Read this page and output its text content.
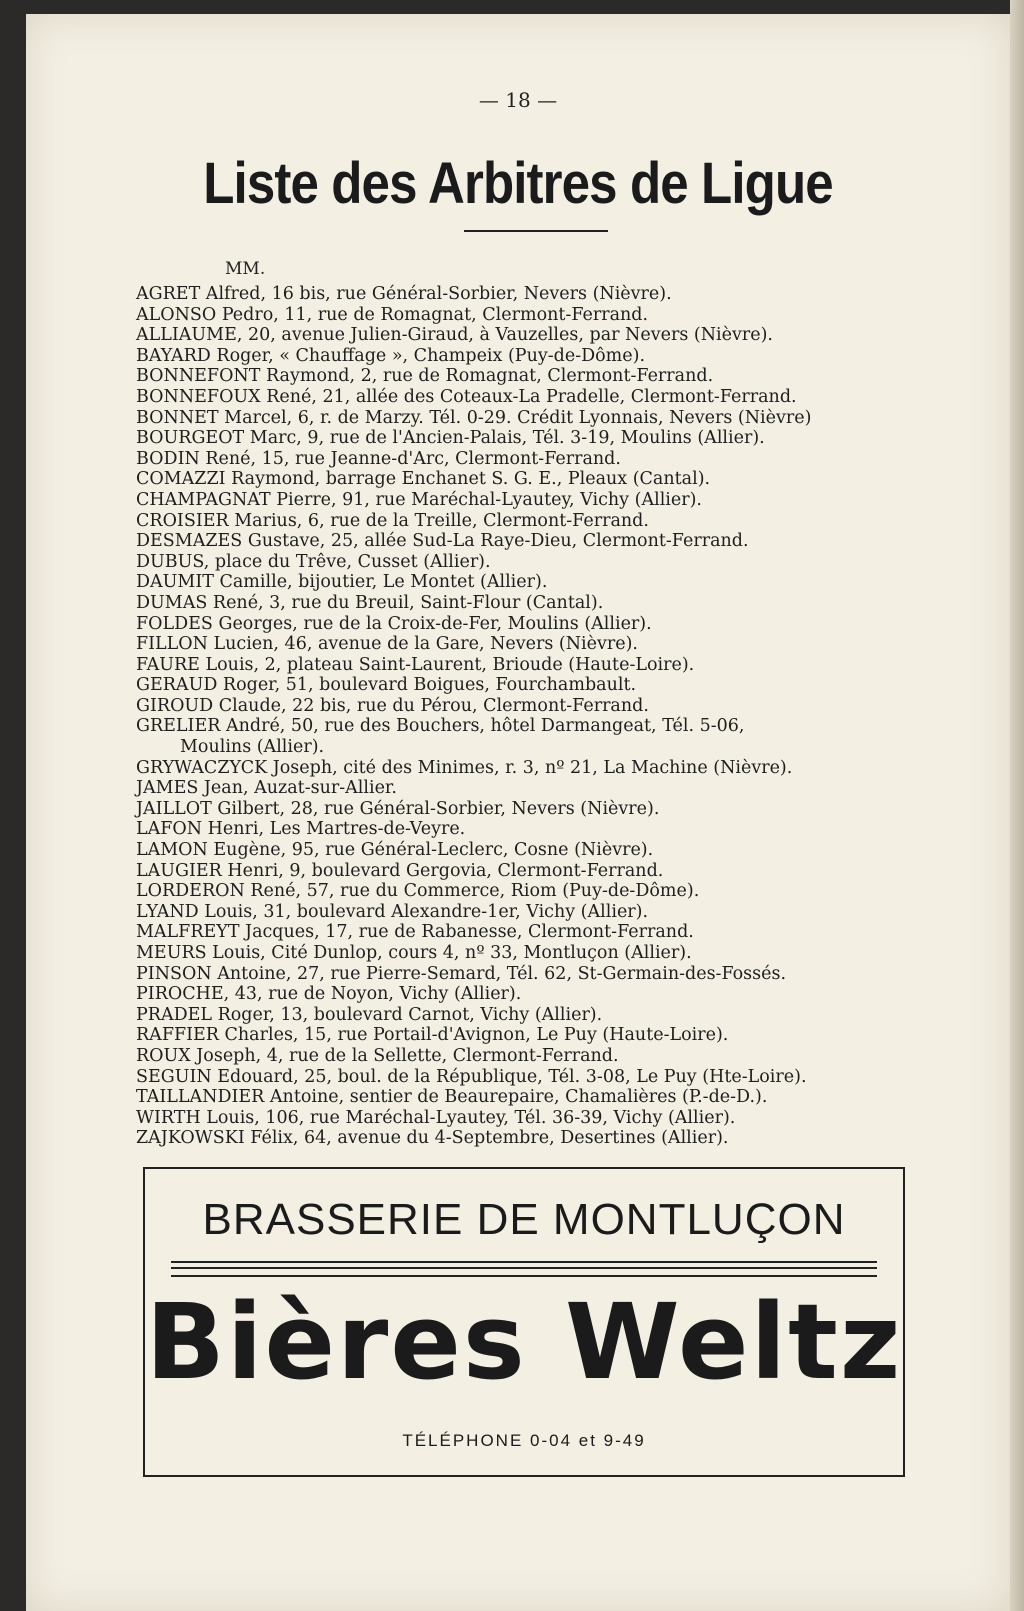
— 18 —
Liste des Arbitres de Ligue
MM.
AGRET Alfred, 16 bis, rue Général-Sorbier, Nevers (Nièvre).
ALONSO Pedro, 11, rue de Romagnat, Clermont-Ferrand.
ALLIAUME, 20, avenue Julien-Giraud, à Vauzelles, par Nevers (Nièvre).
BAYARD Roger, « Chauffage », Champeix (Puy-de-Dôme).
BONNEFONT Raymond, 2, rue de Romagnat, Clermont-Ferrand.
BONNEFOUX René, 21, allée des Coteaux-La Pradelle, Clermont-Ferrand.
BONNET Marcel, 6, r. de Marzy. Tél. 0-29. Crédit Lyonnais, Nevers (Nièvre)
BOURGEOT Marc, 9, rue de l'Ancien-Palais, Tél. 3-19, Moulins (Allier).
BODIN René, 15, rue Jeanne-d'Arc, Clermont-Ferrand.
COMAZZI Raymond, barrage Enchanet S. G. E., Pleaux (Cantal).
CHAMPAGNAT Pierre, 91, rue Maréchal-Lyautey, Vichy (Allier).
CROISIER Marius, 6, rue de la Treille, Clermont-Ferrand.
DESMAZES Gustave, 25, allée Sud-La Raye-Dieu, Clermont-Ferrand.
DUBUS, place du Trêve, Cusset (Allier).
DAUMIT Camille, bijoutier, Le Montet (Allier).
DUMAS René, 3, rue du Breuil, Saint-Flour (Cantal).
FOLDES Georges, rue de la Croix-de-Fer, Moulins (Allier).
FILLON Lucien, 46, avenue de la Gare, Nevers (Nièvre).
FAURE Louis, 2, plateau Saint-Laurent, Brioude (Haute-Loire).
GERAUD Roger, 51, boulevard Boigues, Fourchambault.
GIROUD Claude, 22 bis, rue du Pérou, Clermont-Ferrand.
GRELIER André, 50, rue des Bouchers, hôtel Darmangeat, Tél. 5-06,
Moulins (Allier).
GRYWACZYCK Joseph, cité des Minimes, r. 3, nº 21, La Machine (Nièvre).
JAMES Jean, Auzat-sur-Allier.
JAILLOT Gilbert, 28, rue Général-Sorbier, Nevers (Nièvre).
LAFON Henri, Les Martres-de-Veyre.
LAMON Eugène, 95, rue Général-Leclerc, Cosne (Nièvre).
LAUGIER Henri, 9, boulevard Gergovia, Clermont-Ferrand.
LORDERON René, 57, rue du Commerce, Riom (Puy-de-Dôme).
LYAND Louis, 31, boulevard Alexandre-1er, Vichy (Allier).
MALFREYT Jacques, 17, rue de Rabanesse, Clermont-Ferrand.
MEURS Louis, Cité Dunlop, cours 4, nº 33, Montluçon (Allier).
PINSON Antoine, 27, rue Pierre-Semard, Tél. 62, St-Germain-des-Fossés.
PIROCHE, 43, rue de Noyon, Vichy (Allier).
PRADEL Roger, 13, boulevard Carnot, Vichy (Allier).
RAFFIER Charles, 15, rue Portail-d'Avignon, Le Puy (Haute-Loire).
ROUX Joseph, 4, rue de la Sellette, Clermont-Ferrand.
SEGUIN Edouard, 25, boul. de la République, Tél. 3-08, Le Puy (Hte-Loire).
TAILLANDIER Antoine, sentier de Beaurepaire, Chamalières (P.-de-D.).
WIRTH Louis, 106, rue Maréchal-Lyautey, Tél. 36-39, Vichy (Allier).
ZAJKOWSKI Félix, 64, avenue du 4-Septembre, Desertines (Allier).
BRASSERIE DE MONTLUÇON
Bières Weltz
TÉLÉPHONE 0-04 et 9-49
